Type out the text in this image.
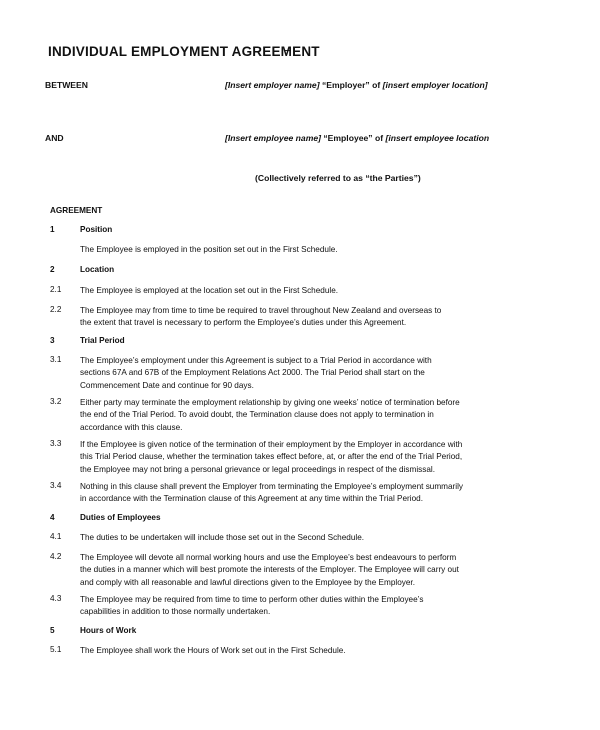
INDIVIDUAL EMPLOYMENT AGREEMENT
BETWEEN	[Insert employer name] “Employer” of [insert employer location]
AND	[Insert employee name] “Employee” of [insert employee location
(Collectively referred to as “the Parties”)
AGREEMENT
1	Position
The Employee is employed in the position set out in the First Schedule.
2	Location
2.1 The Employee is employed at the location set out in the First Schedule.
2.2 The Employee may from time to time be required to travel throughout New Zealand and overseas to
the extent that travel is necessary to perform the Employee’s duties under this Agreement.
3	Trial Period
3.1 The Employee’s employment under this Agreement is subject to a Trial Period in accordance with
sections 67A and 67B of the Employment Relations Act 2000. The Trial Period shall start on the
Commencement Date and continue for 90 days.
3.2 Either party may terminate the employment relationship by giving one weeks’ notice of termination before
the end of the Trial Period. To avoid doubt, the Termination clause does not apply to termination in
accordance with this clause.
3.3 If the Employee is given notice of the termination of their employment by the Employer in accordance with
this Trial Period clause, whether the termination takes effect before, at, or after the end of the Trial Period,
the Employee may not bring a personal grievance or legal proceedings in respect of the dismissal.
3.4 Nothing in this clause shall prevent the Employer from terminating the Employee’s employment summarily
in accordance with the Termination clause of this Agreement at any time within the Trial Period.
4	Duties of Employees
4.1 The duties to be undertaken will include those set out in the Second Schedule.
4.2 The Employee will devote all normal working hours and use the Employee’s best endeavours to perform
the duties in a manner which will best promote the interests of the Employer. The Employee will carry out
and comply with all reasonable and lawful directions given to the Employee by the Employer.
4.3 The Employee may be required from time to time to perform other duties within the Employee’s
capabilities in addition to those normally undertaken.
5	Hours of Work
5.1 The Employee shall work the Hours of Work set out in the First Schedule.
